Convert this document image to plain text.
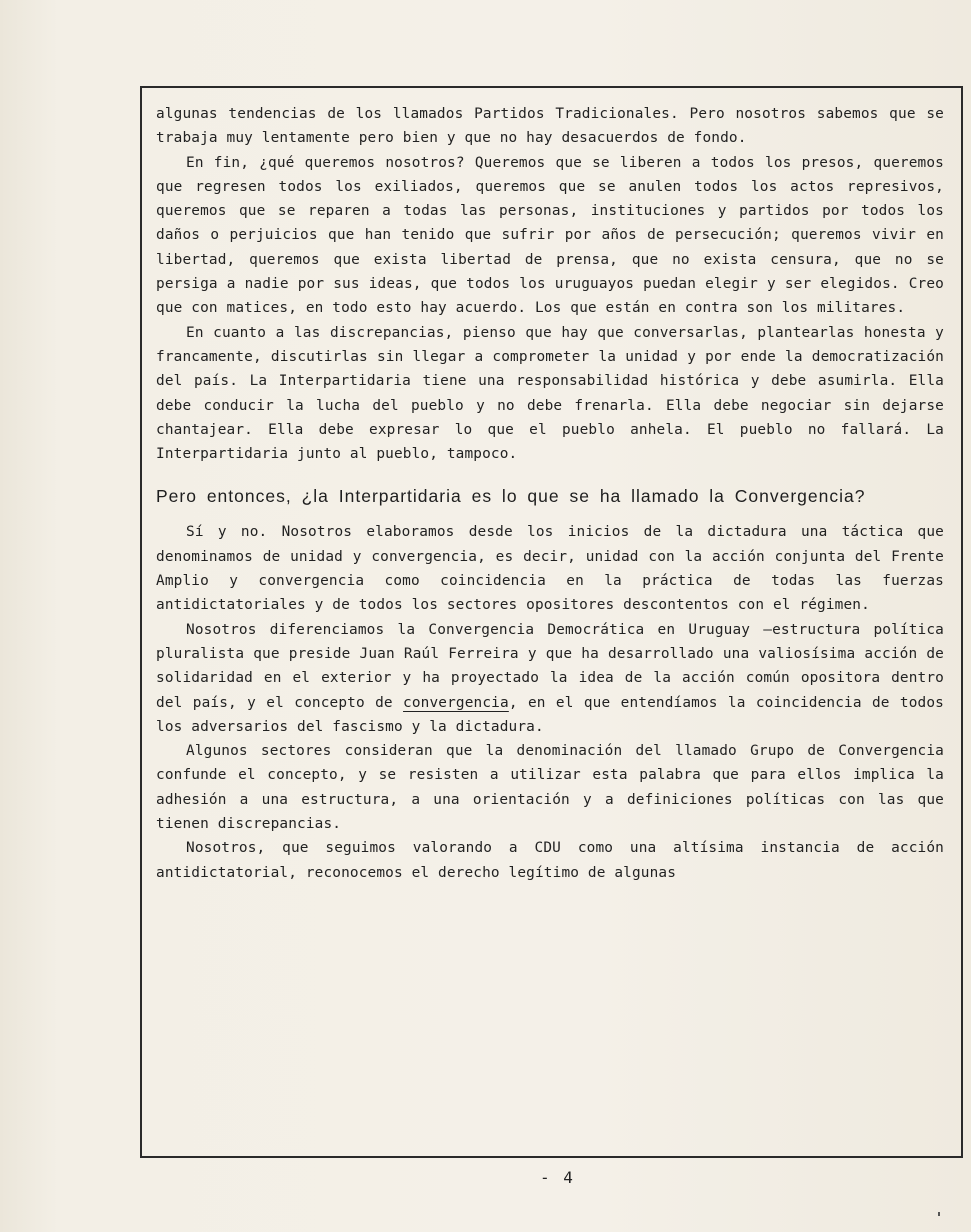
algunas tendencias de los llamados Partidos Tradicionales. Pero nosotros sabemos que se trabaja muy lentamente pero bien y que no hay desacuerdos de fondo.

En fin, ¿qué queremos nosotros? Queremos que se liberen a todos los presos, queremos que regresen todos los exiliados, queremos que se anulen todos los actos represivos, queremos que se reparen a todas las personas, instituciones y partidos por todos los daños o perjuicios que han tenido que sufrir por años de persecución; queremos vivir en libertad, queremos que exista libertad de prensa, que no exista censura, que no se persiga a nadie por sus ideas, que todos los uruguayos puedan elegir y ser elegidos. Creo que con matices, en todo esto hay acuerdo. Los que están en contra son los militares.

En cuanto a las discrepancias, pienso que hay que conversarlas, plantearlas honesta y francamente, discutirlas sin llegar a comprometer la unidad y por ende la democratización del país. La Interpartidaria tiene una responsabilidad histórica y debe asumirla. Ella debe conducir la lucha del pueblo y no debe frenarla. Ella debe negociar sin dejarse chantajear. Ella debe expresar lo que el pueblo anhela. El pueblo no fallará. La Interpartidaria junto al pueblo, tampoco.

Pero entonces, ¿la Interpartidaria es lo que se ha llamado la Convergencia?

Sí y no. Nosotros elaboramos desde los inicios de la dictadura una táctica que denominamos de unidad y convergencia, es decir, unidad con la acción conjunta del Frente Amplio y convergencia como coincidencia en la práctica de todas las fuerzas antidictatoriales y de todos los sectores opositores descontentos con el régimen.

Nosotros diferenciamos la Convergencia Democrática en Uruguay –estructura política pluralista que preside Juan Raúl Ferreira y que ha desarrollado una valiosísima acción de solidaridad en el exterior y ha proyectado la idea de la acción común opositora dentro del país, y el concepto de convergencia, en el que entendíamos la coincidencia de todos los adversarios del fascismo y la dictadura.

Algunos sectores consideran que la denominación del llamado Grupo de Convergencia confunde el concepto, y se resisten a utilizar esta palabra que para ellos implica la adhesión a una estructura, a una orientación y a definiciones políticas con las que tienen discrepancias.

Nosotros, que seguimos valorando a CDU como una altísima instancia de acción antidictatorial, reconocemos el derecho legítimo de algunas

- 4
